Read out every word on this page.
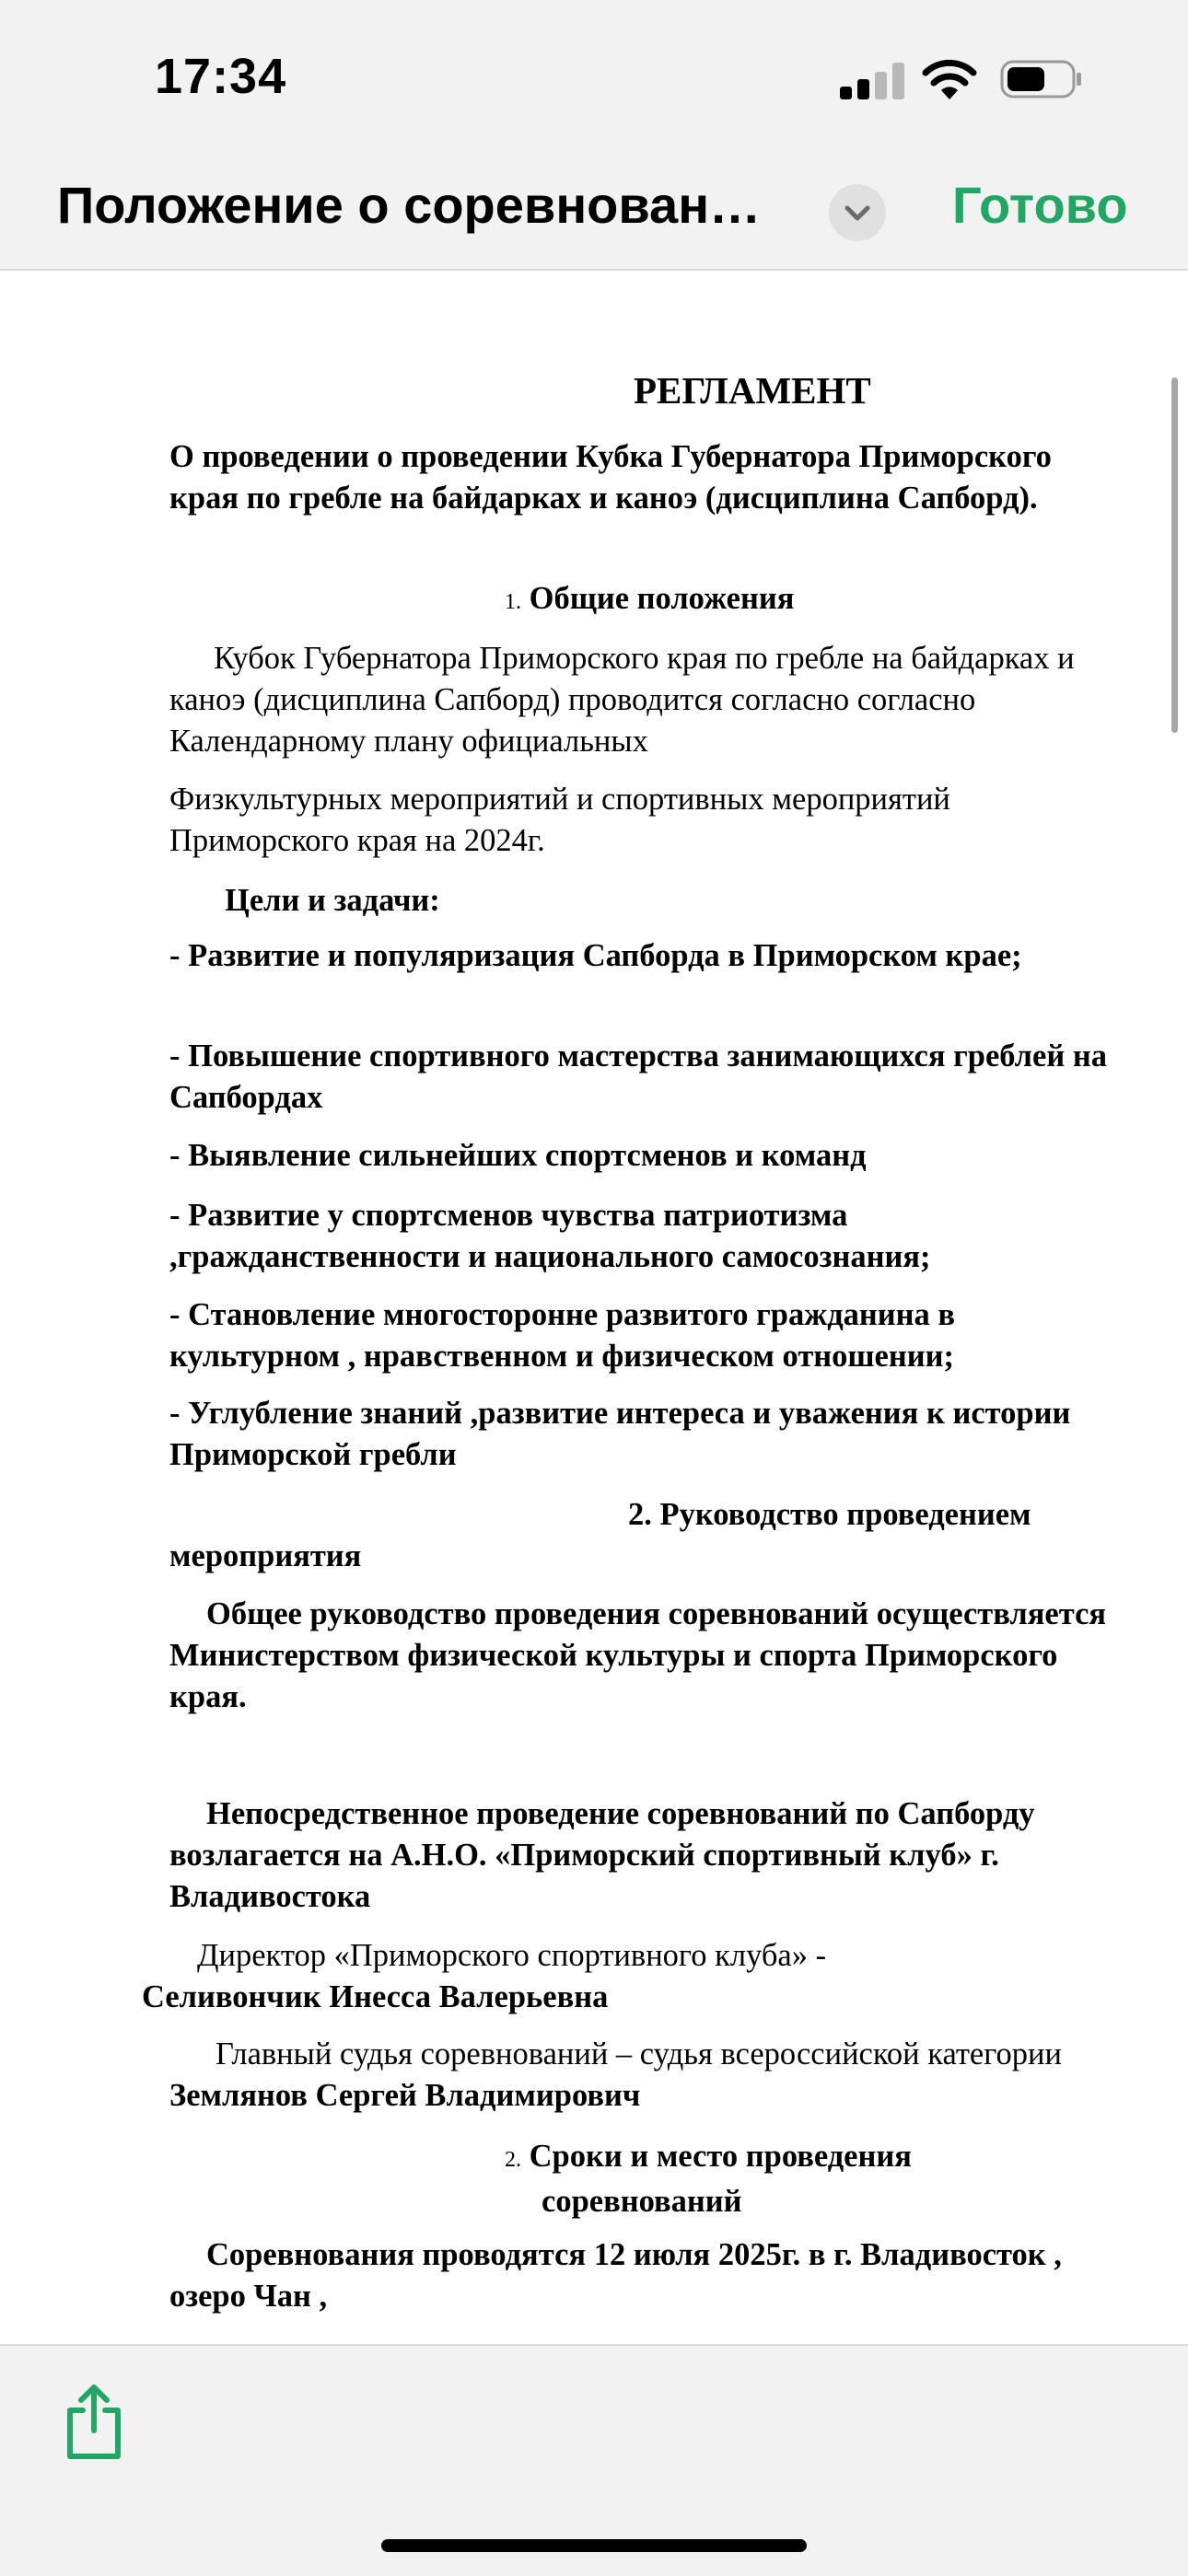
17:34
Положение о соревнован…	Готово
РЕГЛАМЕНТ
О проведении о проведении Кубка Губернатора Приморского края по гребле на байдарках и каноэ (дисциплина Сапборд).
1. Общие положения
Кубок Губернатора Приморского края по гребле на байдарках и каноэ (дисциплина Сапборд) проводится согласно согласно Календарному плану официальных
Физкультурных мероприятий и спортивных мероприятий Приморского края на 2024г.
Цели и задачи:
- Развитие и популяризация Сапборда в Приморском крае;
- Повышение спортивного мастерства занимающихся греблей на Сапбордах
- Выявление сильнейших спортсменов и команд
- Развитие у спортсменов чувства патриотизма ,гражданственности и национального самосознания;
- Становление многосторонне развитого гражданина в культурном , нравственном и физическом отношении;
- Углубление знаний ,развитие интереса и уважения к истории Приморской гребли
2. Руководство проведением
мероприятия
Общее руководство проведения соревнований осуществляется Министерством физической культуры и спорта Приморского края.
Непосредственное проведение соревнований по Сапборду возлагается на А.Н.О. «Приморский спортивный клуб» г. Владивостока
Директор «Приморского спортивного клуба» -
Селивончик Инесса Валерьевна
Главный судья соревнований – судья всероссийской категории Землянов Сергей Владимирович
2. Сроки и место проведения
соревнований
Соревнования проводятся 12 июля 2025г. в г. Владивосток , озеро Чан ,
